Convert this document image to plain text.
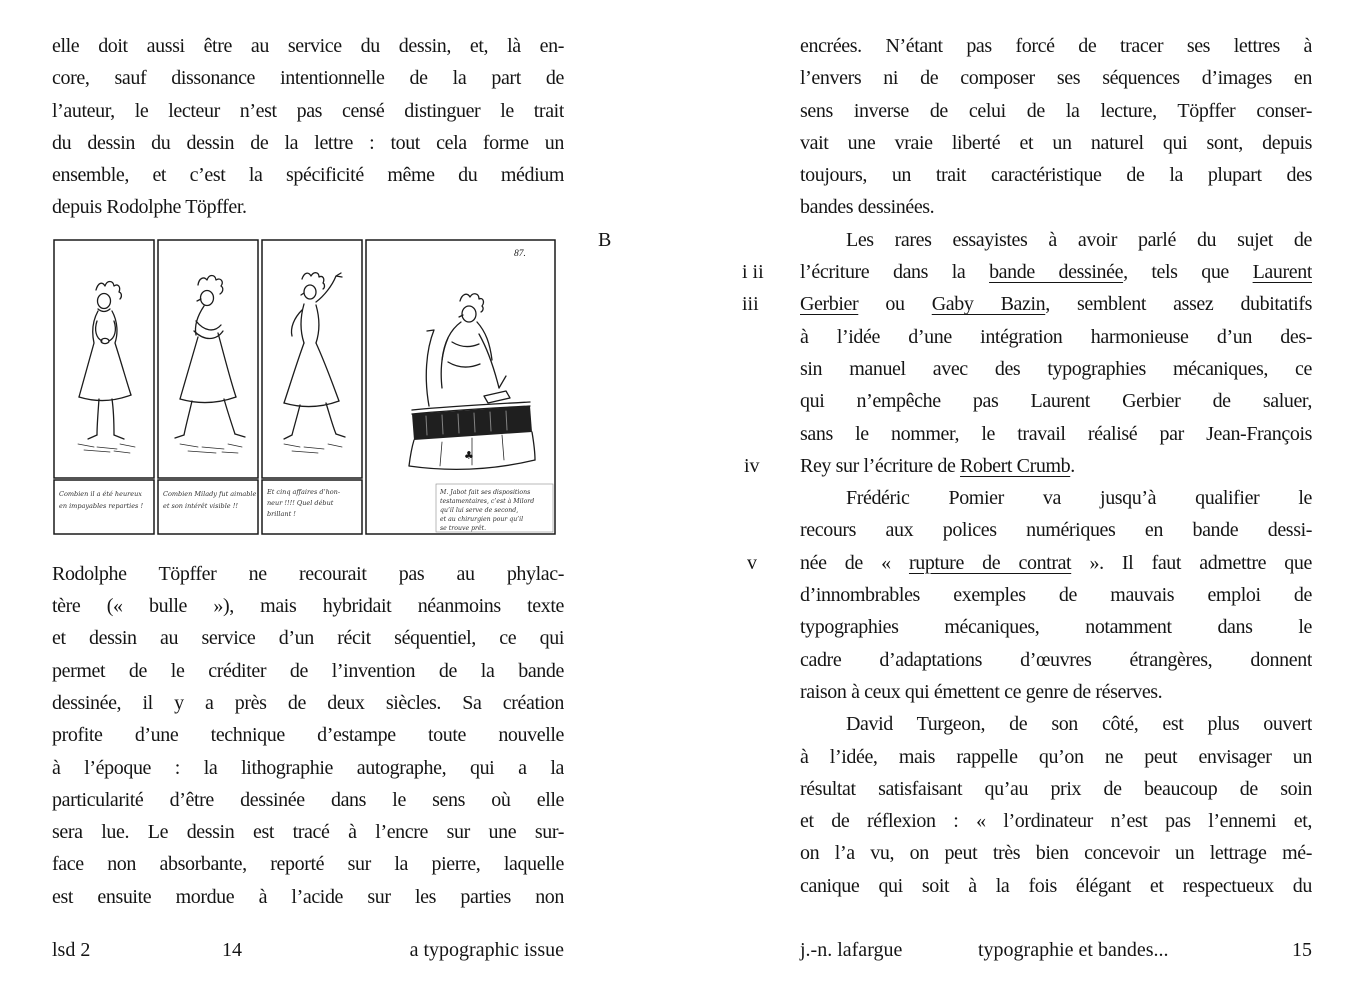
elle doit aussi être au service du dessin, et, là en-
core, sauf dissonance intentionnelle de la part de
l’auteur, le lecteur n’est pas censé distinguer le trait
du dessin du dessin de la lettre : tout cela forme un
ensemble, et c’est la spécificité même du médium
depuis Rodolphe Töpffer.
Combien il a été heureux
en impayables reparties !
Combien Milady fut aimable
et son intérêt visible !!
Et cinq affaires d’hon-
neur !!!! Quel début
brillant !
87.
♣
M. Jabot fait ses dispositions
testamentaires, c’est à Milord
qu’il lui serve de second,
et au chirurgien pour qu’il
se trouve prêt.
Rodolphe Töpffer ne recourait pas au phylac-
tère (« bulle »), mais hybridait néanmoins texte
et dessin au service d’un récit séquentiel, ce qui
permet de le créditer de l’invention de la bande
dessinée, il y a près de deux siècles. Sa création
profite d’une technique d’estampe toute nouvelle
à l’époque : la lithographie autographe, qui a la
particularité d’être dessinée dans le sens où elle
sera lue. Le dessin est tracé à l’encre sur une sur-
face non absorbante, reporté sur la pierre, laquelle
est ensuite mordue à l’acide sur les parties non
encrées. N’étant pas forcé de tracer ses lettres à
l’envers ni de composer ses séquences d’images en
sens inverse de celui de la lecture, Töpffer conser-
vait une vraie liberté et un naturel qui sont, depuis
toujours, un trait caractéristique de la plupart des
bandes dessinées.
Les rares essayistes à avoir parlé du sujet de
l’écriture dans la bande dessinée, tels que Laurent
Gerbier ou Gaby Bazin, semblent assez dubitatifs
à l’idée d’une intégration harmonieuse d’un des-
sin manuel avec des typographies mécaniques, ce
qui n’empêche pas Laurent Gerbier de saluer,
sans le nommer, le travail réalisé par Jean-François
Rey sur l’écriture de Robert Crumb.
Frédéric Pomier va jusqu’à qualifier le
recours aux polices numériques en bande dessi-
née de « rupture de contrat ». Il faut admettre que
d’innombrables exemples de mauvais emploi de
typographies mécaniques, notamment dans le
cadre d’adaptations d’œuvres étrangères, donnent
raison à ceux qui émettent ce genre de réserves.
David Turgeon, de son côté, est plus ouvert
à l’idée, mais rappelle qu’on ne peut envisager un
résultat satisfaisant qu’au prix de beaucoup de soin
et de réflexion : « l’ordinateur n’est pas l’ennemi et,
on l’a vu, on peut très bien concevoir un lettrage mé-
canique qui soit à la fois élégant et respectueux du
B
i ii
iii
iv
v
lsd 2	14	a typographic issue	j.-n. lafargue	typographie et bandes...	15
